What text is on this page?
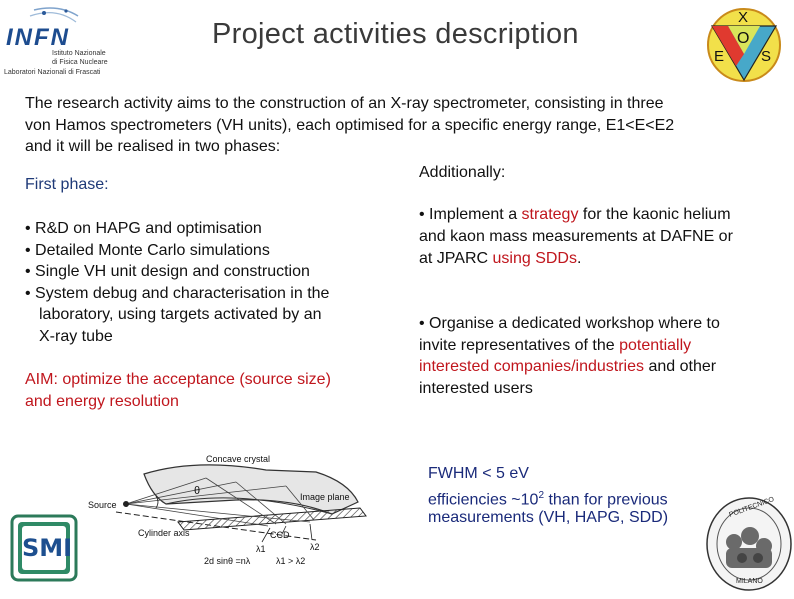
INFN
Istituto Nazionale
di Fisica Nucleare
Laboratori Nazionali di Frascati
Project activities description
X
O
E S
The research activity aims to the construction of an X-ray spectrometer, consisting in three
von Hamos spectrometers (VH units), each optimised for a specific energy range, E1<E<E2
and it will be realised in two phases:
First phase:
• R&D on HAPG and optimisation
• Detailed Monte Carlo simulations
• Single VH unit design and construction
• System debug and characterisation in the
laboratory, using targets activated by an
X-ray tube
AIM: optimize the acceptance (source size)
and energy resolution
Additionally:
• Implement a strategy for the kaonic helium
and kaon mass measurements at DAFNE or
at JPARC using SDDs.
• Organise a dedicated workshop where to
invite representatives of the potentially
interested companies/industries and other
interested users
FWHM < 5 eV
efficiencies $\sim 10^2$ than for previous
measurements (VH, HAPG, SDD)
Concave crystal
Image plane
Source
θ
Cylinder axis	CCD
λ1	λ2
2d sinθ =nλ	λ1 > λ2
SMI
POLITECNICO
MILANO
